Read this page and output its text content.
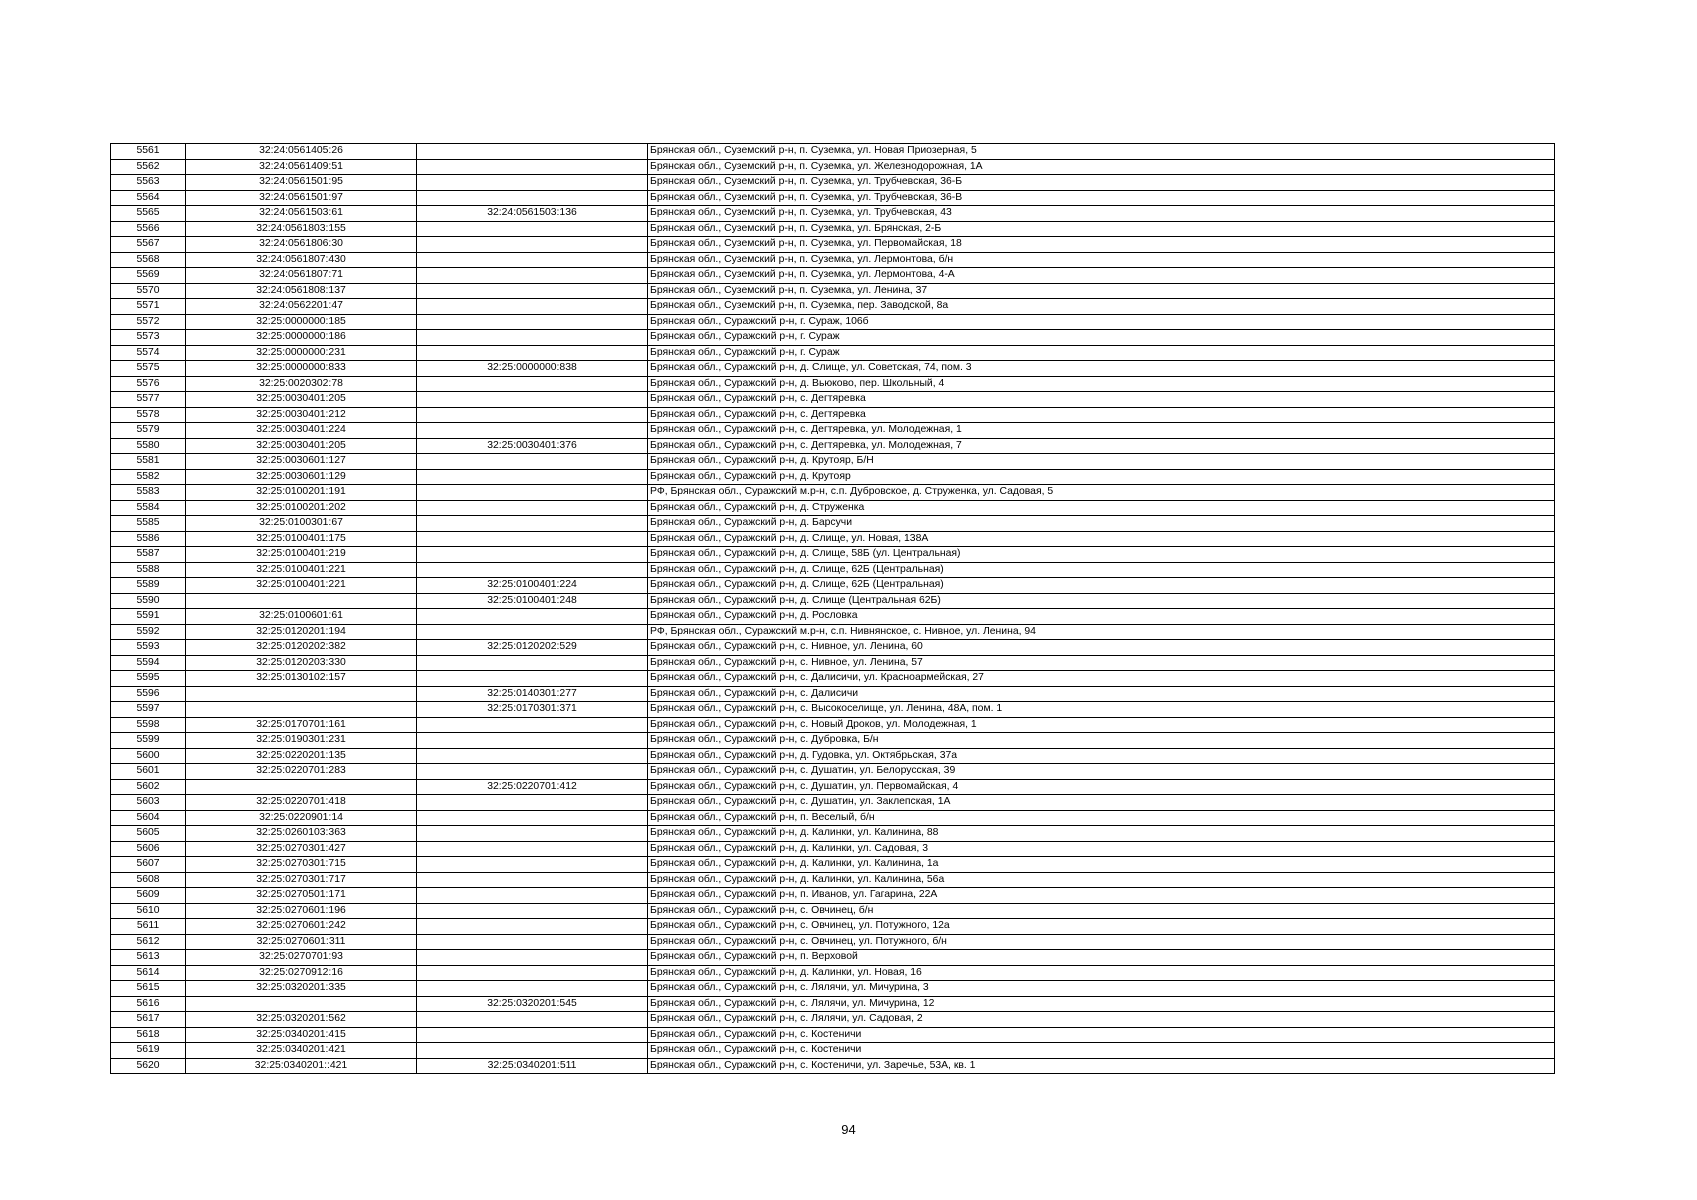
5561	32:24:0561405:26		Брянская обл., Суземский р-н, п. Суземка, ул. Новая Приозерная, 5
5562	32:24:0561409:51		Брянская обл., Суземский р-н, п. Суземка, ул. Железнодорожная, 1А
5563	32:24:0561501:95		Брянская обл., Суземский р-н, п. Суземка, ул. Трубчевская, 36-Б
5564	32:24:0561501:97		Брянская обл., Суземский р-н, п. Суземка, ул. Трубчевская, 36-В
5565	32:24:0561503:61	32:24:0561503:136	Брянская обл., Суземский р-н, п. Суземка, ул. Трубчевская, 43
5566	32:24:0561803:155		Брянская обл., Суземский р-н, п. Суземка, ул. Брянская, 2-Б
5567	32:24:0561806:30		Брянская обл., Суземский р-н, п. Суземка, ул. Первомайская, 18
5568	32:24:0561807:430		Брянская обл., Суземский р-н, п. Суземка, ул. Лермонтова, б/н
5569	32:24:0561807:71		Брянская обл., Суземский р-н, п. Суземка, ул. Лермонтова, 4-А
5570	32:24:0561808:137		Брянская обл., Суземский р-н, п. Суземка, ул. Ленина, 37
5571	32:24:0562201:47		Брянская обл., Суземский р-н, п. Суземка, пер. Заводской, 8а
5572	32:25:0000000:185		Брянская обл., Суражский р-н, г. Сураж, 106б
5573	32:25:0000000:186		Брянская обл., Суражский р-н, г. Сураж
5574	32:25:0000000:231		Брянская обл., Суражский р-н, г. Сураж
5575	32:25:0000000:833	32:25:0000000:838	Брянская обл., Суражский р-н, д. Слище, ул. Советская, 74, пом. 3
5576	32:25:0020302:78		Брянская обл., Суражский р-н, д. Вьюково, пер. Школьный, 4
5577	32:25:0030401:205		Брянская обл., Суражский р-н, с. Дегтяревка
5578	32:25:0030401:212		Брянская обл., Суражский р-н, с. Дегтяревка
5579	32:25:0030401:224		Брянская обл., Суражский р-н, с. Дегтяревка, ул. Молодежная, 1
5580	32:25:0030401:205	32:25:0030401:376	Брянская обл., Суражский р-н, с. Дегтяревка, ул. Молодежная, 7
5581	32:25:0030601:127		Брянская обл., Суражский р-н, д. Крутояр, Б/Н
5582	32:25:0030601:129		Брянская обл., Суражский р-н, д. Крутояр
5583	32:25:0100201:191		РФ, Брянская обл., Суражский м.р-н, с.п. Дубровское, д. Струженка, ул. Садовая, 5
5584	32:25:0100201:202		Брянская обл., Суражский р-н, д. Струженка
5585	32:25:0100301:67		Брянская обл., Суражский р-н, д. Барсучи
5586	32:25:0100401:175		Брянская обл., Суражский р-н, д. Слище, ул. Новая, 138А
5587	32:25:0100401:219		Брянская обл., Суражский р-н, д. Слище, 58Б (ул. Центральная)
5588	32:25:0100401:221		Брянская обл., Суражский р-н, д. Слище, 62Б (Центральная)
5589	32:25:0100401:221	32:25:0100401:224	Брянская обл., Суражский р-н, д. Слище, 62Б (Центральная)
5590		32:25:0100401:248	Брянская обл., Суражский р-н, д. Слище (Центральная 62Б)
5591	32:25:0100601:61		Брянская обл., Суражский р-н, д. Рословка
5592	32:25:0120201:194		РФ, Брянская обл., Суражский м.р-н, с.п. Нивнянское, с. Нивное, ул. Ленина, 94
5593	32:25:0120202:382	32:25:0120202:529	Брянская обл., Суражский р-н, с. Нивное, ул. Ленина, 60
5594	32:25:0120203:330		Брянская обл., Суражский р-н, с. Нивное, ул. Ленина, 57
5595	32:25:0130102:157		Брянская обл., Суражский р-н, с. Далисичи, ул. Красноармейская, 27
5596		32:25:0140301:277	Брянская обл., Суражский р-н, с. Далисичи
5597		32:25:0170301:371	Брянская обл., Суражский р-н, с. Высокоселище, ул. Ленина, 48А, пом. 1
5598	32:25:0170701:161		Брянская обл., Суражский р-н, с. Новый Дроков, ул. Молодежная, 1
5599	32:25:0190301:231		Брянская обл., Суражский р-н, с. Дубровка, Б/н
5600	32:25:0220201:135		Брянская обл., Суражский р-н, д. Гудовка, ул. Октябрьская, 37а
5601	32:25:0220701:283		Брянская обл., Суражский р-н, с. Душатин, ул. Белорусская, 39
5602		32:25:0220701:412	Брянская обл., Суражский р-н, с. Душатин, ул. Первомайская, 4
5603	32:25:0220701:418		Брянская обл., Суражский р-н, с. Душатин, ул. Заклепская, 1А
5604	32:25:0220901:14		Брянская обл., Суражский р-н, п. Веселый, б/н
5605	32:25:0260103:363		Брянская обл., Суражский р-н, д. Калинки, ул. Калинина, 88
5606	32:25:0270301:427		Брянская обл., Суражский р-н, д. Калинки, ул. Садовая, 3
5607	32:25:0270301:715		Брянская обл., Суражский р-н, д. Калинки, ул. Калинина, 1а
5608	32:25:0270301:717		Брянская обл., Суражский р-н, д. Калинки, ул. Калинина, 56а
5609	32:25:0270501:171		Брянская обл., Суражский р-н, п. Иванов, ул. Гагарина, 22А
5610	32:25:0270601:196		Брянская обл., Суражский р-н, с. Овчинец, б/н
5611	32:25:0270601:242		Брянская обл., Суражский р-н, с. Овчинец, ул. Потужного, 12а
5612	32:25:0270601:311		Брянская обл., Суражский р-н, с. Овчинец, ул. Потужного, б/н
5613	32:25:0270701:93		Брянская обл., Суражский р-н, п. Верховой
5614	32:25:0270912:16		Брянская обл., Суражский р-н, д. Калинки, ул. Новая, 16
5615	32:25:0320201:335		Брянская обл., Суражский р-н, с. Лялячи, ул. Мичурина, 3
5616		32:25:0320201:545	Брянская обл., Суражский р-н, с. Лялячи, ул. Мичурина, 12
5617	32:25:0320201:562		Брянская обл., Суражский р-н, с. Лялячи, ул. Садовая, 2
5618	32:25:0340201:415		Брянская обл., Суражский р-н, с. Костеничи
5619	32:25:0340201:421		Брянская обл., Суражский р-н, с. Костеничи
5620	32:25:0340201::421	32:25:0340201:511	Брянская обл., Суражский р-н, с. Костеничи, ул. Заречье, 53А, кв. 1
94
